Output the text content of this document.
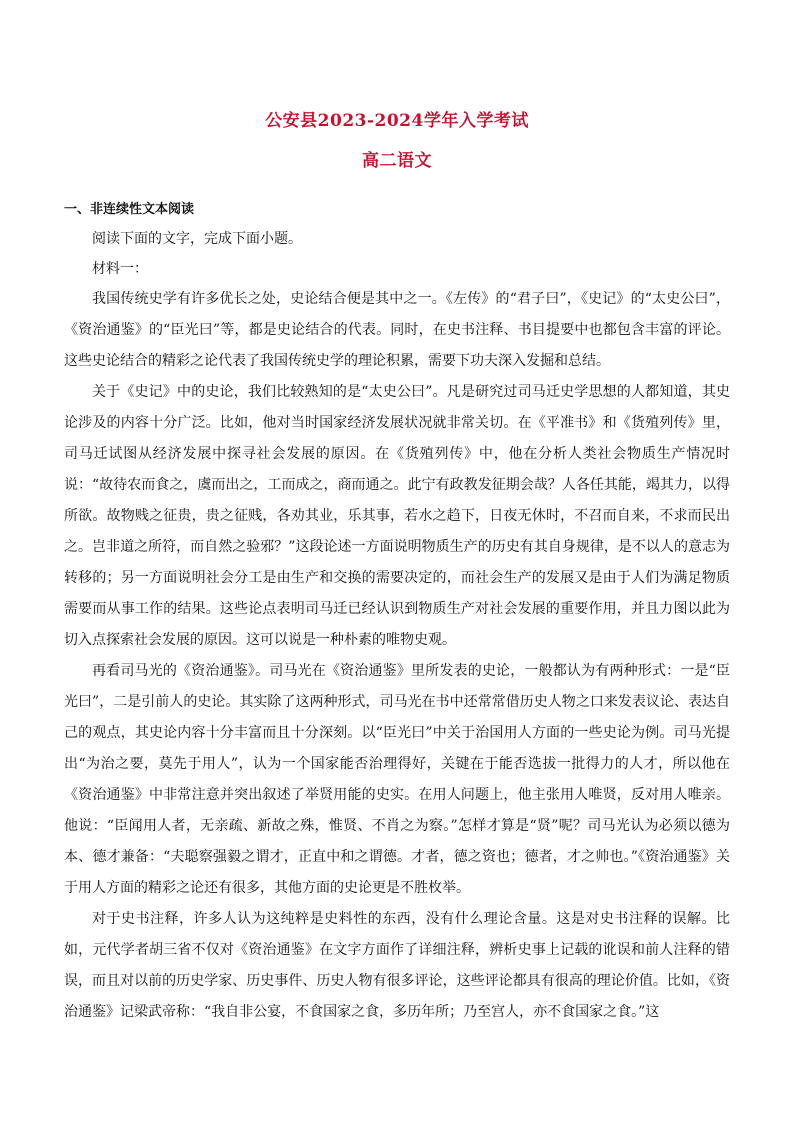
公安县2023-2024学年入学考试
高二语文

一、非连续性文本阅读

阅读下面的文字，完成下面小题。

材料一：

我国传统史学有许多优长之处，史论结合便是其中之一。《左传》的“君子曰”，《史记》的“太史公曰”，《资治通鉴》的“臣光曰”等，都是史论结合的代表。同时，在史书注释、书目提要中也都包含丰富的评论。这些史论结合的精彩之论代表了我国传统史学的理论积累，需要下功夫深入发掘和总结。

关于《史记》中的史论，我们比较熟知的是“太史公曰”。凡是研究过司马迁史学思想的人都知道，其史论涉及的内容十分广泛。比如，他对当时国家经济发展状况就非常关切。在《平准书》和《货殖列传》里，司马迁试图从经济发展中探寻社会发展的原因。在《货殖列传》中，他在分析人类社会物质生产情况时说：“故待农而食之，虞而出之，工而成之，商而通之。此宁有政教发征期会哉？人各任其能，竭其力，以得所欲。故物贱之征贵，贵之征贱，各劝其业，乐其事，若水之趋下，日夜无休时，不召而自来，不求而民出之。岂非道之所符，而自然之验邪？”这段论述一方面说明物质生产的历史有其自身规律，是不以人的意志为转移的；另一方面说明社会分工是由生产和交换的需要决定的，而社会生产的发展又是由于人们为满足物质需要而从事工作的结果。这些论点表明司马迁已经认识到物质生产对社会发展的重要作用，并且力图以此为切入点探索社会发展的原因。这可以说是一种朴素的唯物史观。

再看司马光的《资治通鉴》。司马光在《资治通鉴》里所发表的史论，一般都认为有两种形式：一是“臣光曰”，二是引前人的史论。其实除了这两种形式，司马光在书中还常常借历史人物之口来发表议论、表达自己的观点，其史论内容十分丰富而且十分深刻。以“臣光曰”中关于治国用人方面的一些史论为例。司马光提出“为治之要，莫先于用人”，认为一个国家能否治理得好，关键在于能否选拔一批得力的人才，所以他在《资治通鉴》中非常注意并突出叙述了举贤用能的史实。在用人问题上，他主张用人唯贤，反对用人唯亲。他说：“臣闻用人者，无亲疏、新故之殊，惟贤、不肖之为察。”怎样才算是“贤”呢？司马光认为必须以德为本、德才兼备：“夫聪察强毅之谓才，正直中和之谓德。才者，德之资也；德者，才之帅也。”《资治通鉴》关于用人方面的精彩之论还有很多，其他方面的史论更是不胜枚举。

对于史书注释，许多人认为这纯粹是史料性的东西，没有什么理论含量。这是对史书注释的误解。比如，元代学者胡三省不仅对《资治通鉴》在文字方面作了详细注释，辨析史事上记载的讹误和前人注释的错误，而且对以前的历史学家、历史事件、历史人物有很多评论，这些评论都具有很高的理论价值。比如，《资治通鉴》记梁武帝称：“我自非公宴，不食国家之食，多历年所；乃至宫人，亦不食国家之食。”这
